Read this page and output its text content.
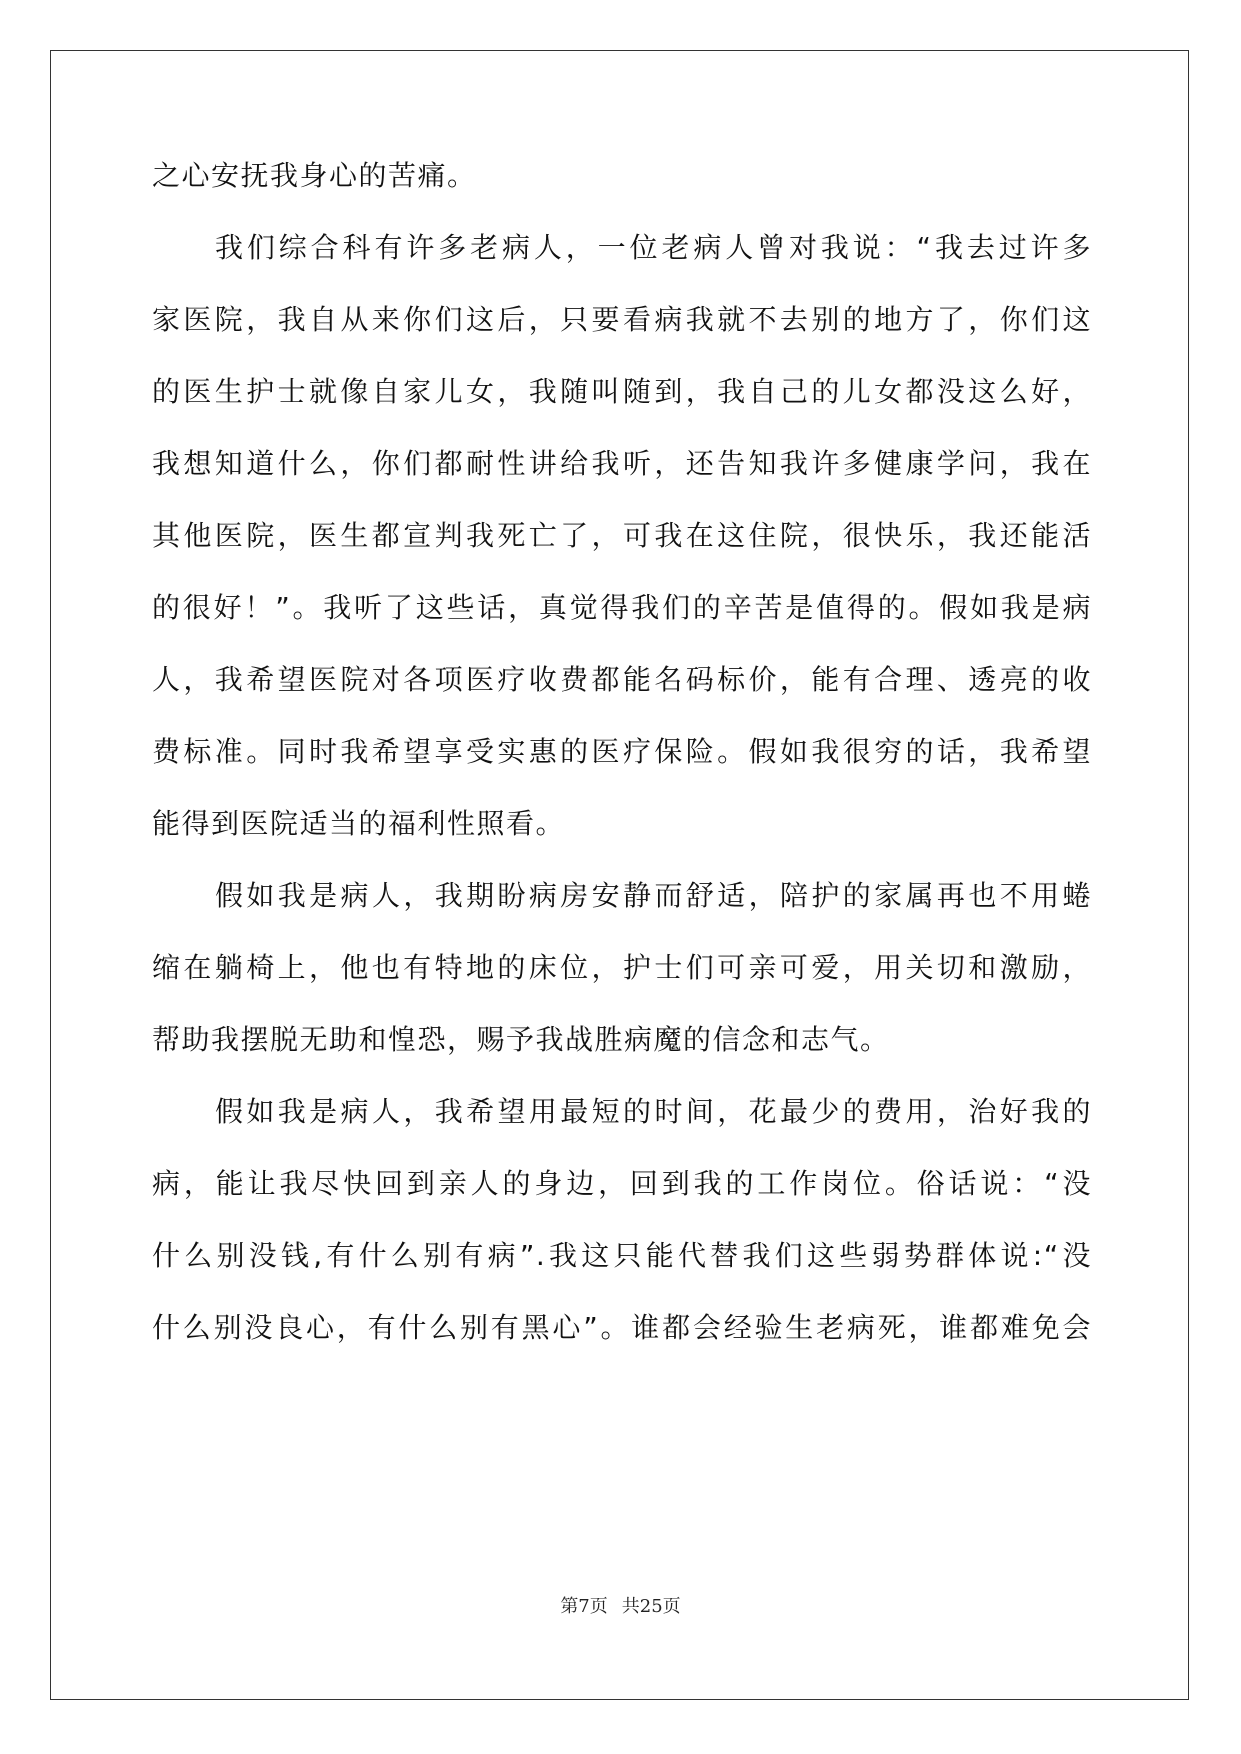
之心安抚我身心的苦痛。
我们综合科有许多老病人，一位老病人曾对我说：“我去过许多
家医院，我自从来你们这后，只要看病我就不去别的地方了，你们这
的医生护士就像自家儿女，我随叫随到，我自己的儿女都没这么好，
我想知道什么，你们都耐性讲给我听，还告知我许多健康学问，我在
其他医院，医生都宣判我死亡了，可我在这住院，很快乐，我还能活
的很好！”。我听了这些话，真觉得我们的辛苦是值得的。假如我是病
人，我希望医院对各项医疗收费都能名码标价，能有合理、透亮的收
费标准。同时我希望享受实惠的医疗保险。假如我很穷的话，我希望
能得到医院适当的福利性照看。
假如我是病人，我期盼病房安静而舒适，陪护的家属再也不用蜷
缩在躺椅上，他也有特地的床位，护士们可亲可爱，用关切和激励，
帮助我摆脱无助和惶恐，赐予我战胜病魔的信念和志气。
假如我是病人，我希望用最短的时间，花最少的费用，治好我的
病，能让我尽快回到亲人的身边，回到我的工作岗位。俗话说：“没
什么别没钱,有什么别有病”.我这只能代替我们这些弱势群体说:“没
什么别没良心，有什么别有黑心”。谁都会经验生老病死，谁都难免会
第7页 共25页
